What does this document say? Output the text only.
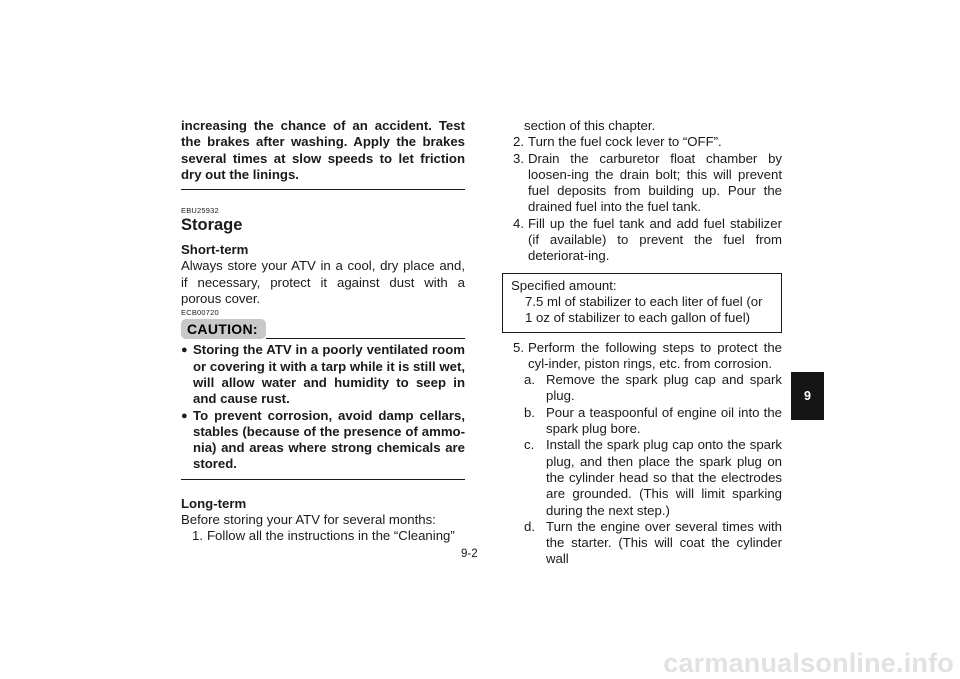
increasing the chance of an accident. Test the brakes after washing. Apply the brakes several times at slow speeds to let friction dry out the linings.

EBU25932
Storage
Short-term

Always store your ATV in a cool, dry place and, if necessary, protect it against dust with a porous cover.

ECB00720
CAUTION:
● Storing the ATV in a poorly ventilated room or covering it with a tarp while it is still wet, will allow water and humidity to seep in and cause rust.
● To prevent corrosion, avoid damp cellars, stables (because of the presence of ammo-nia) and areas where strong chemicals are stored.
Long-term

Before storing your ATV for several months:

1. Follow all the instructions in the “Cleaning”

section of this chapter.

2. Turn the fuel cock lever to “OFF”.
3. Drain the carburetor float chamber by loosen-ing the drain bolt; this will prevent fuel deposits from building up. Pour the drained fuel into the fuel tank.
4. Fill up the fuel tank and add fuel stabilizer (if available) to prevent the fuel from deteriorat-ing.
Specified amount:
7.5 ml of stabilizer to each liter of fuel (or 1 oz of stabilizer to each gallon of fuel)
5. Perform the following steps to protect the cyl-inder, piston rings, etc. from corrosion.
a. Remove the spark plug cap and spark plug.
b. Pour a teaspoonful of engine oil into the spark plug bore.
c. Install the spark plug cap onto the spark plug, and then place the spark plug on the cylinder head so that the electrodes are grounded. (This will limit sparking during the next step.)
d. Turn the engine over several times with the starter. (This will coat the cylinder wall
9-2
9
carmanualsonline.info
